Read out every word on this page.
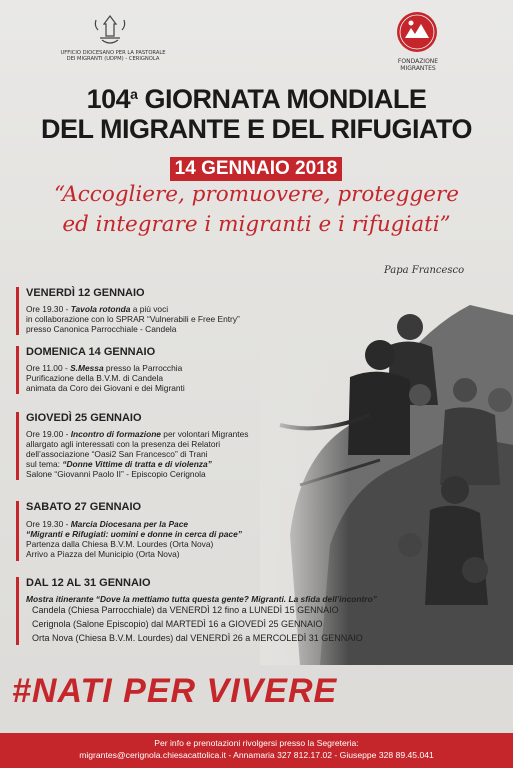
UFFICIO DIOCESANO PER LA PASTORALE DEI MIGRANTI (UDPM) - CERIGNOLA	FONDAZIONE MIGRANTES
104$^a$ GIORNATA MONDIALE
DEL MIGRANTE E DEL RIFUGIATO
14 GENNAIO 2018
“Accogliere, promuovere, proteggere
ed integrare i migranti e i rifugiati”
Papa Francesco
VENERDÌ 12 GENNAIO
Ore 19.30 - Tavola rotonda a più voci
in collaborazione con lo SPRAR “Vulnerabili e Free Entry”
presso Canonica Parrocchiale - Candela
DOMENICA 14 GENNAIO
Ore 11.00 - S.Messa presso la Parrocchia
Purificazione della B.V.M. di Candela
animata da Coro dei Giovani e dei Migranti
GIOVEDÌ 25 GENNAIO
Ore 19.00 - Incontro di formazione per volontari Migrantes
allargato agli interessati con la presenza dei Relatori
dell’associazione “Oasi2 San Francesco” di Trani
sul tema: “Donne Vittime di tratta e di violenza”
Salone “Giovanni Paolo II” - Episcopio Cerignola
SABATO 27 GENNAIO
Ore 19.30 - Marcia Diocesana per la Pace
“Migranti e Rifugiati: uomini e donne in cerca di pace”
Partenza dalla Chiesa B.V.M. Lourdes (Orta Nova)
Arrivo a Piazza del Municipio (Orta Nova)
DAL 12 AL 31 GENNAIO
Mostra itinerante “Dove la mettiamo tutta questa gente? Migranti. La sfida dell’incontro”
Candela (Chiesa Parrocchiale) da VENERDÌ 12 fino a LUNEDÌ 15 GENNAIO
Cerignola (Salone Episcopio) dal MARTEDÌ 16 a GIOVEDÌ 25 GENNAIO
Orta Nova (Chiesa B.V.M. Lourdes) dal VENERDÌ 26 a MERCOLEDÌ 31 GENNAIO
#NATI PER VIVERE
Per info e prenotazioni rivolgersi presso la Segreteria:
migrantes@cerignola.chiesacattolica.it - Annamaria 327 812.17.02 - Giuseppe 328 89.45.041
